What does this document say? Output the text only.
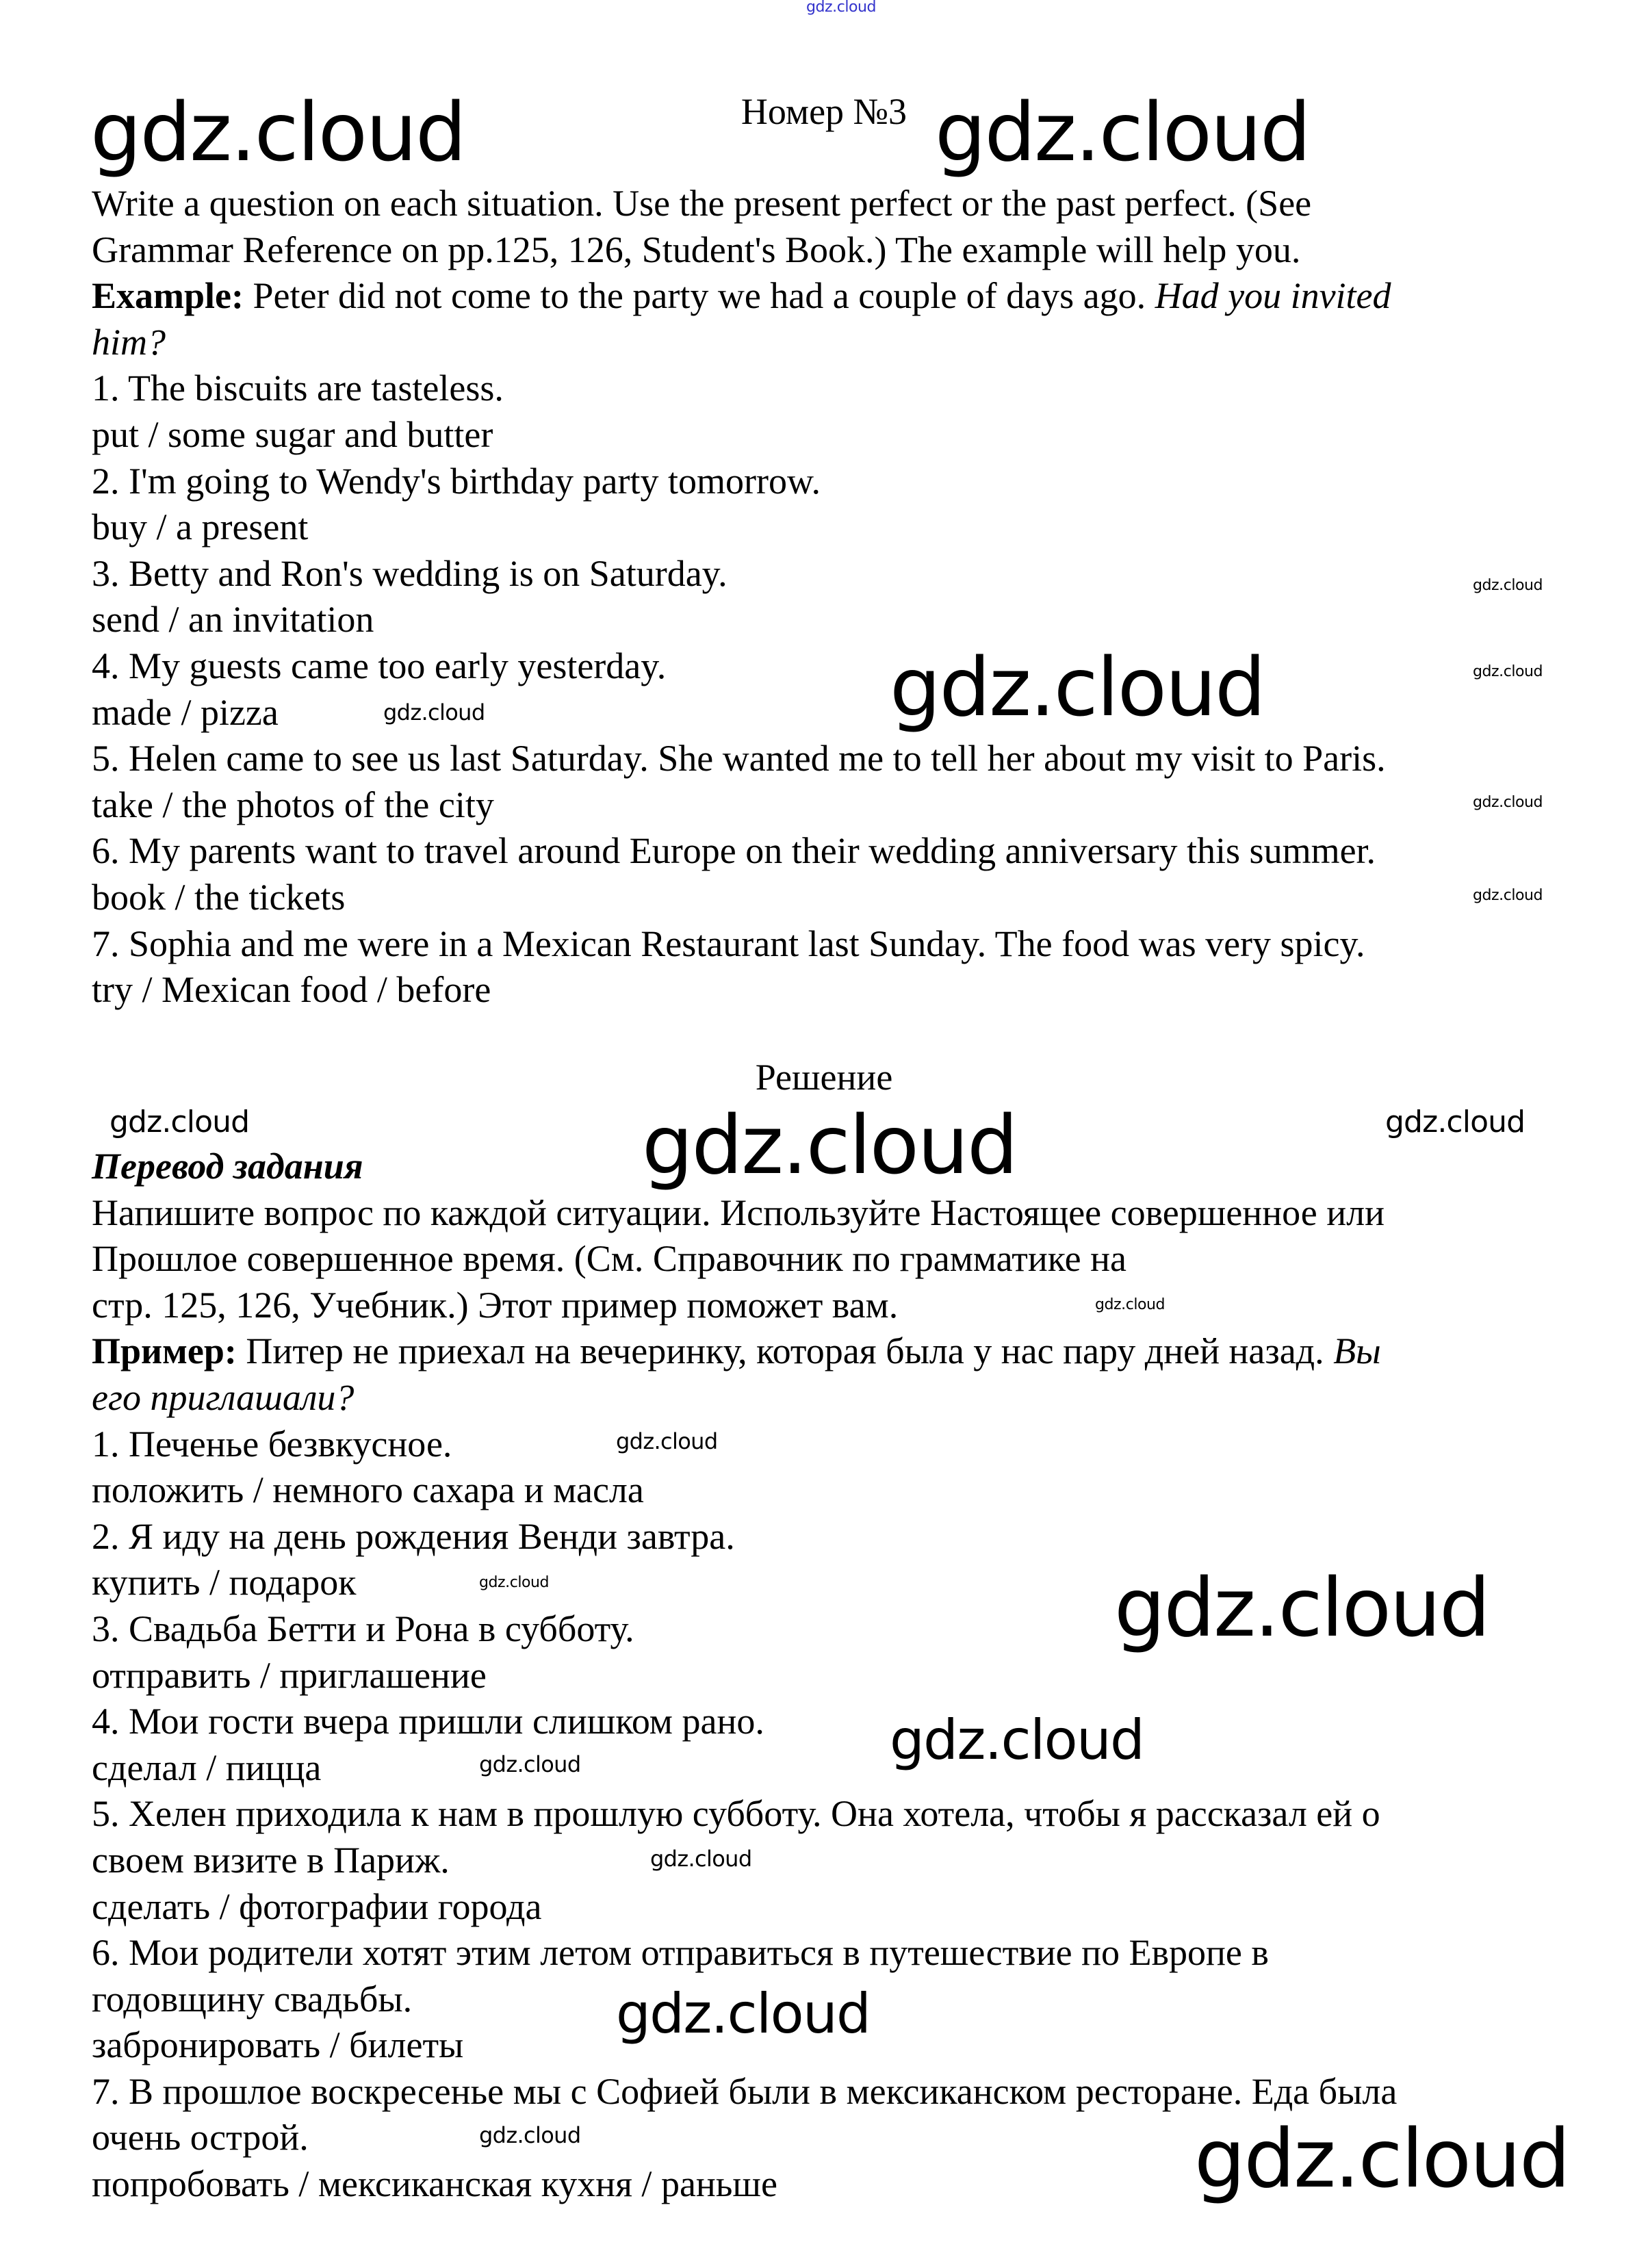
gdz.cloud
Номер №3
Write a question on each situation. Use the present perfect or the past perfect. (See
Grammar Reference on pp.125, 126, Student's Book.) The example will help you.
Example: Peter did not come to the party we had a couple of days ago. Had you invited
him?
1. The biscuits are tasteless.
put / some sugar and butter
2. I'm going to Wendy's birthday party tomorrow.
buy / a present
3. Betty and Ron's wedding is on Saturday.
send / an invitation
4. My guests came too early yesterday.
made / pizza
5. Helen came to see us last Saturday. She wanted me to tell her about my visit to Paris.
take / the photos of the city
6. My parents want to travel around Europe on their wedding anniversary this summer.
book / the tickets
7. Sophia and me were in a Mexican Restaurant last Sunday. The food was very spicy.
try / Mexican food / before
Решение
Перевод задания
Напишите вопрос по каждой ситуации. Используйте Настоящее совершенное или
Прошлое совершенное время. (См. Справочник по грамматике на
стр. 125, 126, Учебник.) Этот пример поможет вам.
Пример: Питер не приехал на вечеринку, которая была у нас пару дней назад. Вы
его приглашали?
1. Печенье безвкусное.
положить / немного сахара и масла
2. Я иду на день рождения Венди завтра.
купить / подарок
3. Свадьба Бетти и Рона в субботу.
отправить / приглашение
4. Мои гости вчера пришли слишком рано.
сделал / пицца
5. Хелен приходила к нам в прошлую субботу. Она хотела, чтобы я рассказал ей о
своем визите в Париж.
сделать / фотографии города
6. Мои родители хотят этим летом отправиться в путешествие по Европе в
годовщину свадьбы.
забронировать / билеты
7. В прошлое воскресенье мы с Софией были в мексиканском ресторане. Еда была
очень острой.
попробовать / мексиканская кухня / раньше
gdz.cloud	gdz.cloud
gdz.cloud
gdz.cloud
gdz.cloud
gdz.cloud
gdz.cloud
gdz.cloud
gdz.cloud	gdz.cloud
gdz.cloud
gdz.cloud
gdz.cloud
gdz.cloud
gdz.cloud
gdz.cloud
gdz.cloud
gdz.cloud
gdz.cloud
gdz.cloud
gdz.cloud
